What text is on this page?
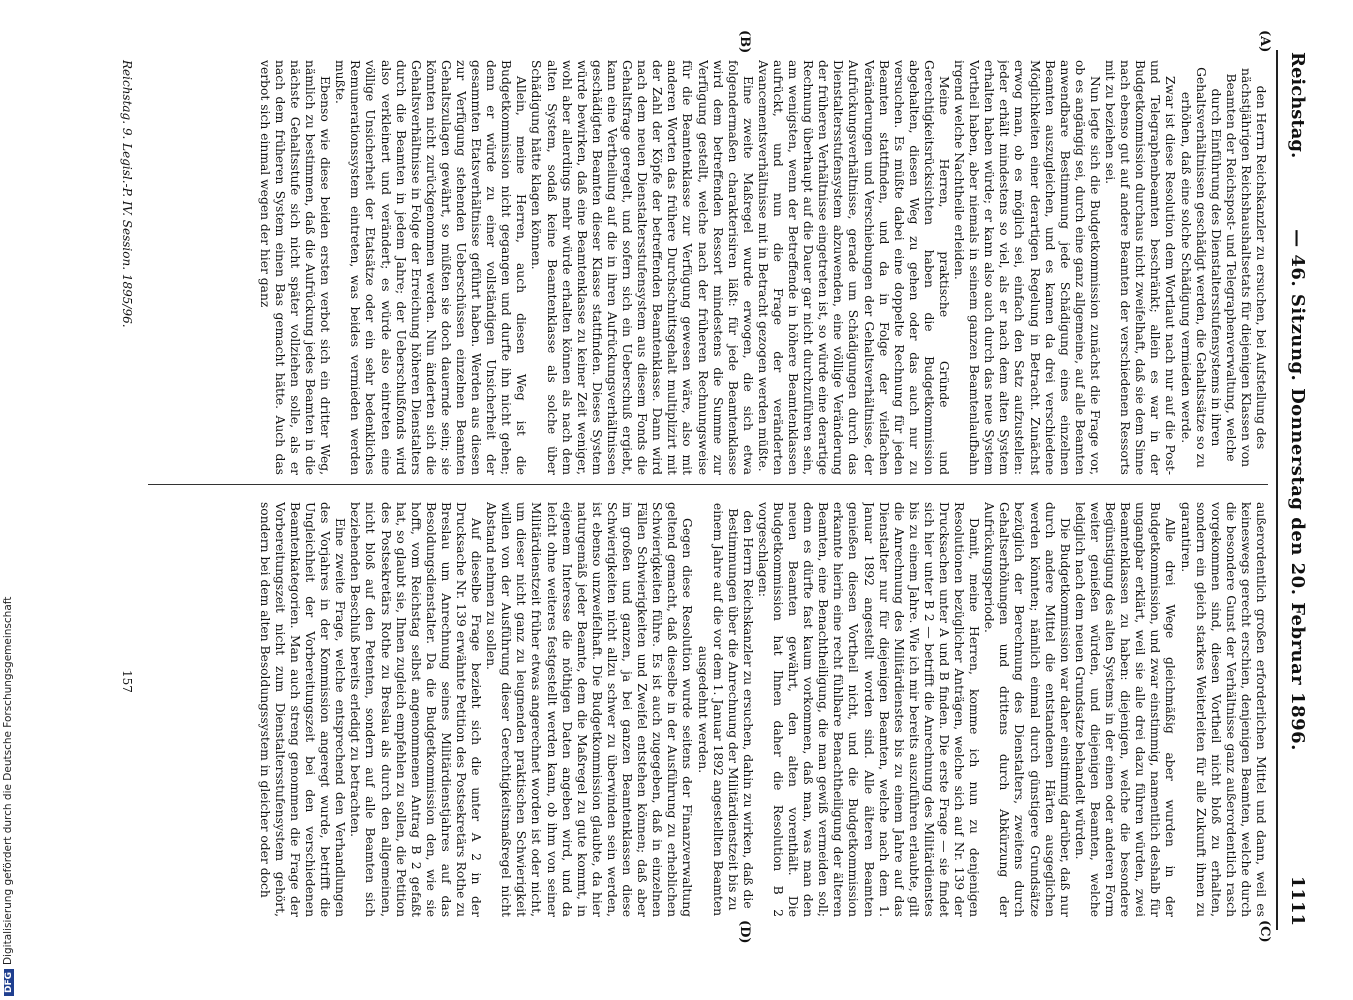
Reichstag.
— 46. Sitzung. Donnerstag den 20. Februar 1896.
1111
(A)
(B)
(C)
(D)

den Herrn Reichskanzler zu ersuchen, bei Aufstellung des nächstjährigen Reichshaushaltsetats für diejenigen Klassen von Beamten der Reichspost- und Telegraphenverwaltung, welche durch Einführung des Dienstaltersstufensystems in ihren Gehaltsverhältnissen geschädigt werden, die Gehaltssätze so zu erhöhen, daß eine solche Schädigung vermieden werde.

Zwar ist diese Resolution dem Wortlaut nach nur auf die Post- und Telegraphenbeamten beschränkt; allein es war in der Budgetkommission durchaus nicht zweifelhaft, daß sie dem Sinne nach ebenso gut auf andere Beamten der verschiedenen Ressorts mit zu beziehen sei.

Nun legte sich die Budgetkommission zunächst die Frage vor, ob es angängig sei, durch eine ganz allgemeine, auf alle Beamten anwendbare Bestimmung jede Schädigung eines einzelnen Beamten auszugleichen, und es kamen da drei verschiedene Möglichkeiten einer derartigen Regelung in Betracht. Zunächst erwog man, ob es möglich sei, einfach den Satz aufzustellen: jeder erhält mindestens so viel, als er nach dem alten System erhalten haben würde; er kann also auch durch das neue System Vortheil haben, aber niemals in seinem ganzen Beamtenlaufbahn irgend welche Nachtheile erleiden.

Meine Herren, praktische Gründe und Gerechtigkeitsrücksichten haben die Budgetkommission abgehalten, diesen Weg zu gehen oder das auch nur zu versuchen. Es müßte dabei eine doppelte Rechnung für jeden Beamten stattfinden, und da in Folge der vielfachen Veränderungen und Verschiebungen der Gehaltsverhältnisse, der Aufrückungsverhältnisse, gerade um Schädigungen durch das Dienstaltersstufensystem abzuwenden, eine völlige Veränderung der früheren Verhältnisse eingetreten ist, so würde eine derartige Rechnung überhaupt auf die Dauer gar nicht durchzuführen sein, am wenigsten, wenn der Betreffende in höhere Beamtenklassen aufrückt, und nun die Frage der veränderten Avancementsverhältnisse mit in Betracht gezogen werden müßte.

Eine zweite Maßregel wurde erwogen, die sich etwa folgendermaßen charakterisiren läßt: für jede Beamtenklasse wird dem betreffenden Ressort mindestens die Summe zur Verfügung gestellt, welche nach der früheren Rechnungsweise für die Beamtenklasse zur Verfügung gewesen wäre, also mit anderen Worten das frühere Durchschnittsgehalt multiplizirt mit der Zahl der Köpfe der betreffenden Beamtenklasse. Dann wird nach dem neuen Dienstaltersstufensystem aus diesem Fonds die Gehaltsfrage geregelt, und sofern sich ein Ueberschuß ergiebt, kann eine Vertheilung auf die in ihren Aufrückungsverhältnissen geschädigten Beamten dieser Klasse stattfinden. Dieses System würde bewirken, daß eine Beamtenklasse zu keiner Zeit weniger, wohl aber allerdings mehr würde erhalten können als nach dem alten System, sodaß keine Beamtenklasse als solche über Schädigung hätte klagen können.

Allein, meine Herren, auch diesen Weg ist die Budgetkommission nicht gegangen und durfte ihn nicht gehen; denn er würde zu einer vollständigen Unsicherheit der gesammten Etatsverhältnisse geführt haben. Werden aus diesen zur Verfügung stehenden Ueberschüssen einzelnen Beamten Gehaltszulagen gewährt, so müßten sie doch dauernde sein; sie könnten nicht zurückgenommen werden. Nun änderten sich die Gehaltsverhältnisse in Folge der Erreichung höheren Dienstalters durch die Beamten in jedem Jahre; der Ueberschußfonds wird also verkleinert und verändert; es würde also eintreten eine völlige Unsicherheit der Etatsätze oder ein sehr bedenkliches Remunerationssystem eintreten, was beides vermieden werden mußte.

Ebenso wie diese beiden ersten verbot sich ein dritter Weg, nämlich zu bestimmen, daß die Aufrückung jedes Beamten in die nächste Gehaltsstufe sich nicht später vollziehen solle, als er nach dem früheren System einen Bas gemacht hätte. Auch das verbot sich einmal wegen der hier ganz

außerordentlich großen erforderlichen Mittel und dann, weil es keineswegs gerecht erschien, denjenigen Beamten, welche durch die besondere Gunst der Verhältnisse ganz außerordentlich rasch vorgekommen sind, diesen Vortheil nicht bloß zu erhalten, sondern ein gleich starkes Weiterleiten für alle Zukunft ihnen zu garantiren.

Alle drei Wege gleichmäßig aber wurden in der Budgetkommission, und zwar einstimmig, namentlich deshalb für ungangbar erklärt, weil sie alle drei dazu führen würden, zwei Beamtenklassen zu haben: diejenigen, welche die besondere Begünstigung des alten Systems in der einen oder anderen Form weiter genießen würden, und diejenigen Beamten, welche lediglich nach dem neuen Grundsatze behandelt würden.

Die Budgetkommission war daher einstimmig darüber, daß nur durch andere Mittel die entstandenen Härten ausgeglichen werden könnten; nämlich einmal durch günstigere Grundsätze bezüglich der Berechnung des Dienstalters, zweitens durch Gehaltserhöhungen und drittens durch Abkürzung der Aufrückungsperiode.

Damit, meine Herren, komme ich nun zu denjenigen Resolutionen bezüglicher Anträgen, welche sich auf Nr. 139 der Drucksachen unter A und B finden. Die erste Frage — sie findet sich hier unter B 2 — betrifft die Anrechnung des Militärdienstes bis zu einem Jahre. Wie ich mir bereits auszuführen erlaubte, gilt die Anrechnung des Militärdienstes bis zu einem Jahre auf das Dienstalter nur für diejenigen Beamten, welche nach dem 1. Januar 1892 angestellt worden sind. Alle älteren Beamten genießen diesen Vortheil nicht, und die Budgetkommission erkannte hierin eine recht fühlbare Benachtheiligung der älteren Beamten, eine Benachtheiligung, die man gewiß vermeiden soll; denn es dürfte fast kaum vorkommen, daß man, was man den neuen Beamten gewährt, den alten vorenthält. Die Budgetkommission hat Ihnen daher die Resolution B 2 vorgeschlagen:

den Herrn Reichskanzler zu ersuchen, dahin zu wirken, daß die Bestimmungen über die Anrechnung der Militärdienstzeit bis zu einem Jahre auf die vor dem 1. Januar 1892 angestellten Beamten ausgedehnt werden.

Gegen diese Resolution wurde seitens der Finanzverwaltung geltend gemacht, daß dieselbe in der Ausführung zu erheblichen Schwierigkeiten führe. Es ist auch zugegeben, daß in einzelnen Fällen Schwierigkeiten und Zweifel entstehen können; daß aber im großen und ganzen, ja bei ganzen Beamtenklassen diese Schwierigkeiten nicht allzu schwer zu überwinden sein werden, ist ebenso unzweifelhaft. Die Budgetkommission glaubte, da hier naturgemäß jeder Beamte, dem die Maßregel zu gute kommt, in eigenem Interesse die nöthigen Daten angeben wird, und da leicht ohne weiteres festgestellt werden kann, ob ihm von seiner Militärdienstzeit früher etwas angerechnet worden ist oder nicht, um dieser nicht ganz zu leugnenden praktischen Schwierigkeit willen von der Ausführung dieser Gerechtigkeitsmaßregel nicht Abstand nehmen zu sollen.

Auf dieselbe Frage bezieht sich die unter A 2 in der Drucksache Nr. 139 erwähnte Petition des Postsekretärs Rothe zu Breslau um Anrechnung seines Militärdienstjahres auf das Besoldungsdienstalter. Da die Budgetkommission den, wie sie hofft, vom Reichstag selbst angenommenen Antrag B 2 gefaßt hat, so glaubt sie, Ihnen zugleich empfehlen zu sollen, die Petition des Postsekretärs Rothe zu Breslau als durch den allgemeinen, nicht bloß auf den Petenten, sondern auf alle Beamten sich beziehenden Beschluß bereits erledigt zu betrachten.

Eine zweite Frage, welche entsprechend den Verhandlungen des Vorjahres in der Kommission angeregt wurde, betrifft die Ungleichheit der Vorbereitungszeit bei den verschiedenen Beamtenkategorien. Man auch streng genommen die Frage der Vorbereitungszeit nicht zum Dienstaltersstufensystem gehört, sondern bei dem alten Besoldungssystem in gleicher oder doch

Reichstag. 9. Legisl.-P. IV. Session. 1895/96.
157
DFGDigitalisierung gefördert durch die Deutsche Forschungsgemeinschaft
